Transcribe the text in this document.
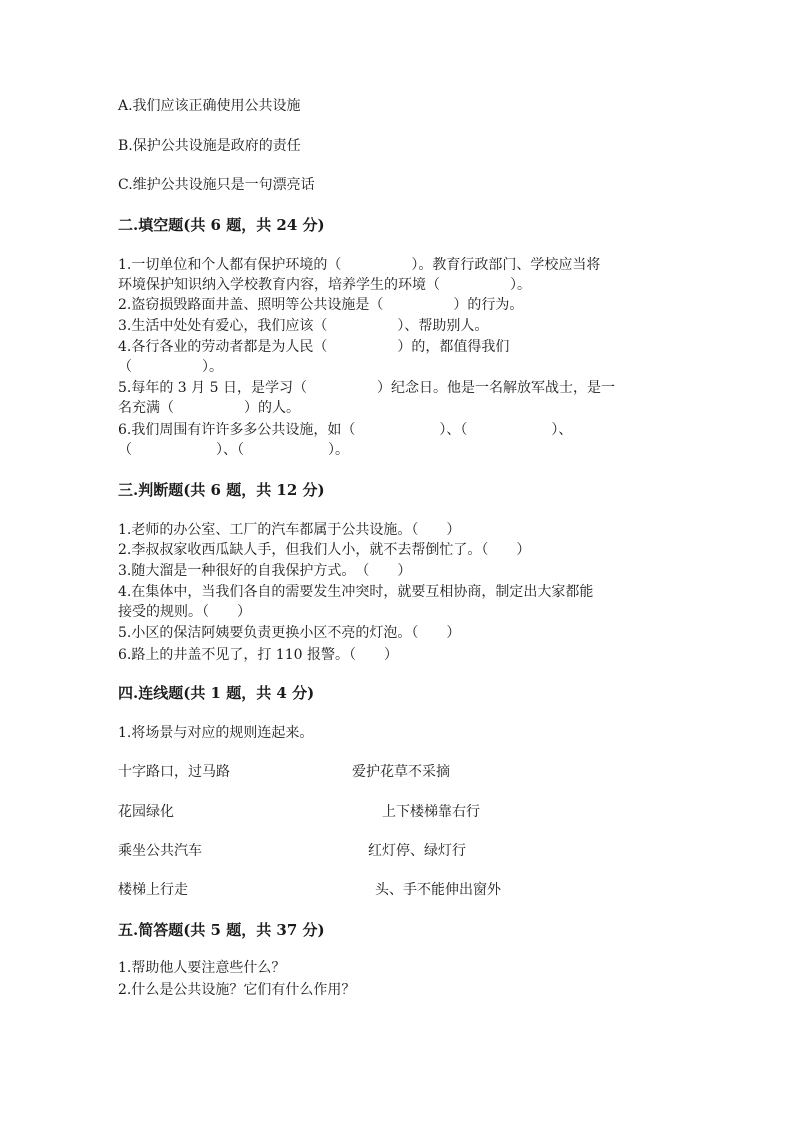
A.我们应该正确使用公共设施
B.保护公共设施是政府的责任
C.维护公共设施只是一句漂亮话
二.填空题(共 6 题，共 24 分)
1.一切单位和个人都有保护环境的（　　　　　）。教育行政部门、学校应当将
环境保护知识纳入学校教育内容，培养学生的环境（　　　　　）。
2.盗窃损毁路面井盖、照明等公共设施是（　　　　　）的行为。
3.生活中处处有爱心，我们应该（　　　　　）、帮助别人。
4.各行各业的劳动者都是为人民（　　　　　）的，都值得我们
（　　　　　）。
5.每年的 3 月 5 日，是学习（　　　　　）纪念日。他是一名解放军战士，是一
名充满（　　　　　）的人。
6.我们周围有许许多多公共设施，如（　　　　　　）、（　　　　　　）、
（　　　　　　）、（　　　　　　）。
三.判断题(共 6 题，共 12 分)
1.老师的办公室、工厂的汽车都属于公共设施。（　　）
2.李叔叔家收西瓜缺人手，但我们人小，就不去帮倒忙了。（　　）
3.随大溜是一种很好的自我保护方式。　（　　）
4.在集体中，当我们各自的需要发生冲突时，就要互相协商，制定出大家都能
接受的规则。（　　）
5.小区的保洁阿姨要负责更换小区不亮的灯泡。（　　）
6.路上的井盖不见了，打 110 报警。（　　）
四.连线题(共 1 题，共 4 分)
1.将场景与对应的规则连起来。
十字路口，过马路	爱护花草不采摘
花园绿化	上下楼梯靠右行
乘坐公共汽车	红灯停、绿灯行
楼梯上行走	头、手不能伸出窗外
五.简答题(共 5 题，共 37 分)
1.帮助他人要注意些什么？
2.什么是公共设施？它们有什么作用？
